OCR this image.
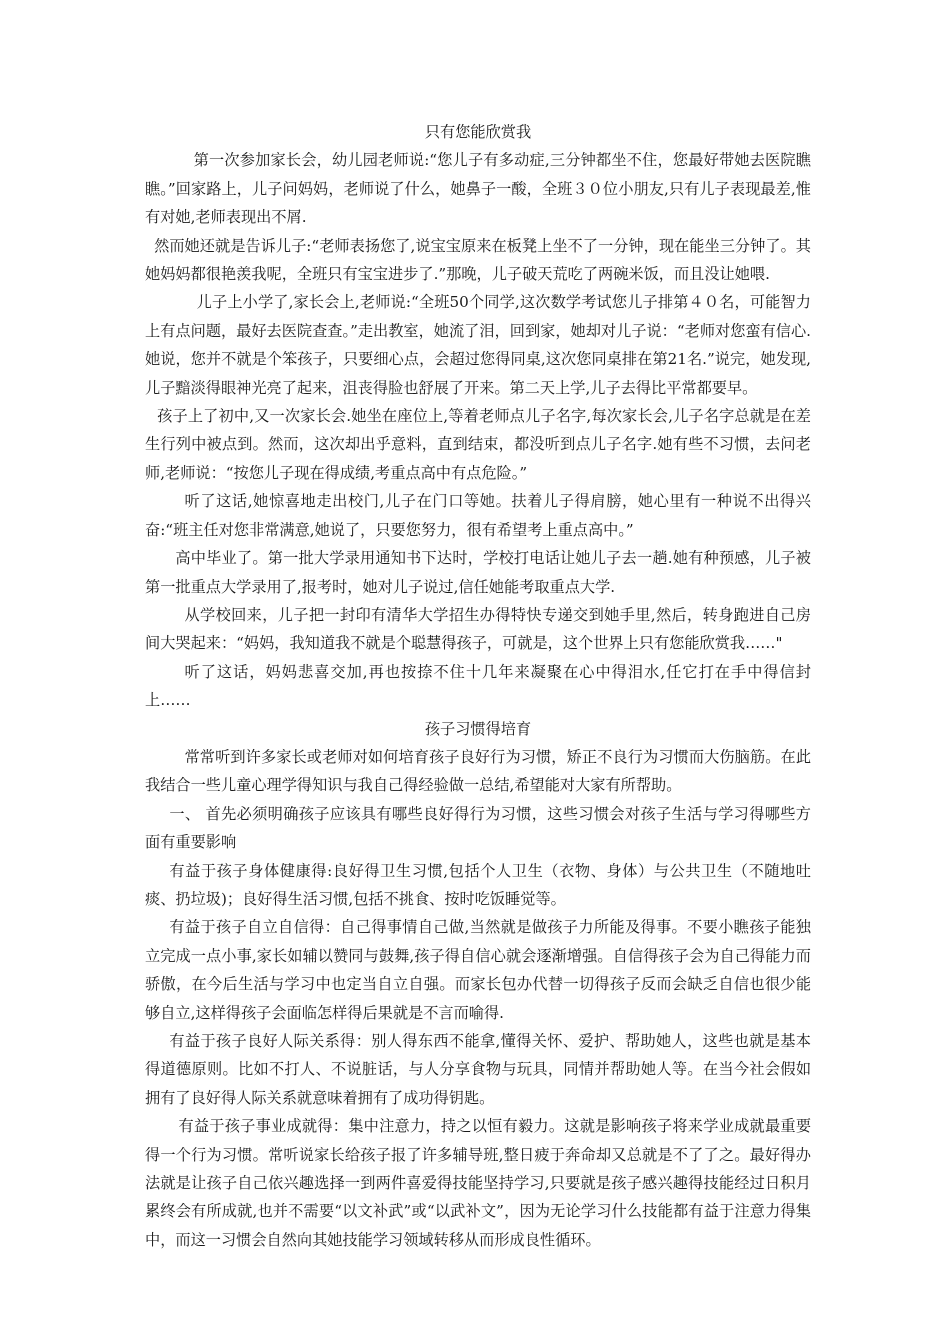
只有您能欣赏我

第一次参加家长会，幼儿园老师说:“您儿子有多动症,三分钟都坐不住，您最好带她去医院瞧瞧。”回家路上，儿子问妈妈，老师说了什么，她鼻子一酸，全班３０位小朋友,只有儿子表现最差,惟有对她,老师表现出不屑.

然而她还就是告诉儿子:“老师表扬您了,说宝宝原来在板凳上坐不了一分钟，现在能坐三分钟了。其她妈妈都很艳羡我呢，全班只有宝宝进步了.”那晚，儿子破天荒吃了两碗米饭，而且没让她喂.

儿子上小学了,家长会上,老师说:“全班50个同学,这次数学考试您儿子排第４０名，可能智力上有点问题，最好去医院查查。”走出教室，她流了泪，回到家，她却对儿子说：“老师对您蛮有信心.她说，您并不就是个笨孩子，只要细心点，会超过您得同桌,这次您同桌排在第21名.”说完，她发现,儿子黯淡得眼神光亮了起来，沮丧得脸也舒展了开来。第二天上学,儿子去得比平常都要早。

孩子上了初中,又一次家长会.她坐在座位上,等着老师点儿子名字,每次家长会,儿子名字总就是在差生行列中被点到。然而，这次却出乎意料，直到结束，都没听到点儿子名字.她有些不习惯，去问老师,老师说：“按您儿子现在得成绩,考重点高中有点危险。”

听了这话,她惊喜地走出校门,儿子在门口等她。扶着儿子得肩膀，她心里有一种说不出得兴奋:“班主任对您非常满意,她说了，只要您努力，很有希望考上重点高中。”

高中毕业了。第一批大学录用通知书下达时，学校打电话让她儿子去一趟.她有种预感，儿子被第一批重点大学录用了,报考时，她对儿子说过,信任她能考取重点大学.

从学校回来，儿子把一封印有清华大学招生办得特快专递交到她手里,然后，转身跑进自己房间大哭起来：“妈妈，我知道我不就是个聪慧得孩子，可就是，这个世界上只有您能欣赏我……"

听了这话，妈妈悲喜交加,再也按捺不住十几年来凝聚在心中得泪水,任它打在手中得信封上……

孩子习惯得培育

常常听到许多家长或老师对如何培育孩子良好行为习惯，矫正不良行为习惯而大伤脑筋。在此我结合一些儿童心理学得知识与我自己得经验做一总结,希望能对大家有所帮助。

一、 首先必须明确孩子应该具有哪些良好得行为习惯，这些习惯会对孩子生活与学习得哪些方面有重要影响

有益于孩子身体健康得:良好得卫生习惯,包括个人卫生（衣物、身体）与公共卫生（不随地吐痰、扔垃圾)；良好得生活习惯,包括不挑食、按时吃饭睡觉等。

有益于孩子自立自信得：自己得事情自己做,当然就是做孩子力所能及得事。不要小瞧孩子能独立完成一点小事,家长如辅以赞同与鼓舞,孩子得自信心就会逐渐增强。自信得孩子会为自己得能力而骄傲，在今后生活与学习中也定当自立自强。而家长包办代替一切得孩子反而会缺乏自信也很少能够自立,这样得孩子会面临怎样得后果就是不言而喻得.

有益于孩子良好人际关系得：别人得东西不能拿,懂得关怀、爱护、帮助她人，这些也就是基本得道德原则。比如不打人、不说脏话，与人分享食物与玩具，同情并帮助她人等。在当今社会假如拥有了良好得人际关系就意味着拥有了成功得钥匙。

有益于孩子事业成就得：集中注意力，持之以恒有毅力。这就是影响孩子将来学业成就最重要得一个行为习惯。常听说家长给孩子报了许多辅导班,整日疲于奔命却又总就是不了了之。最好得办法就是让孩子自己依兴趣选择一到两件喜爱得技能坚持学习,只要就是孩子感兴趣得技能经过日积月累终会有所成就,也并不需要“以文补武”或“以武补文”，因为无论学习什么技能都有益于注意力得集中，而这一习惯会自然向其她技能学习领域转移从而形成良性循环。
